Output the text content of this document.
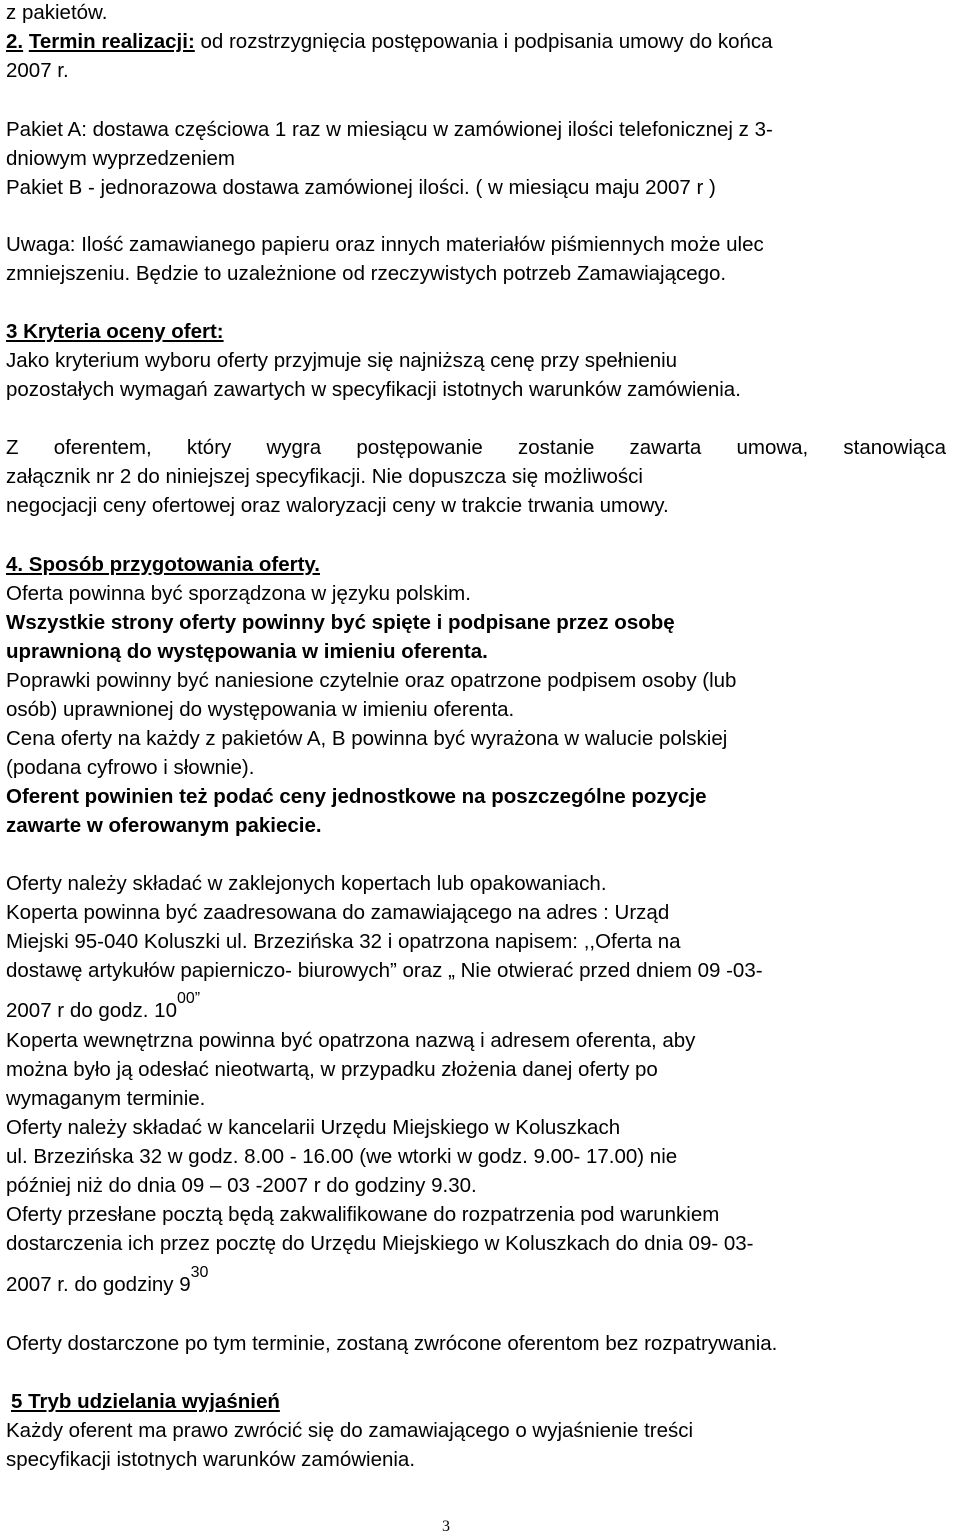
z pakietów.
2. Termin realizacji: od rozstrzygnięcia postępowania i podpisania umowy do końca
2007 r.
Pakiet A: dostawa częściowa 1 raz w miesiącu w zamówionej ilości telefonicznej z 3-
dniowym wyprzedzeniem
Pakiet B - jednorazowa dostawa zamówionej ilości. ( w miesiącu maju 2007 r )
Uwaga: Ilość zamawianego papieru oraz innych materiałów piśmiennych może ulec
zmniejszeniu. Będzie to uzależnione od rzeczywistych potrzeb Zamawiającego.
3 Kryteria oceny ofert:
Jako kryterium wyboru oferty przyjmuje się najniższą cenę przy spełnieniu
pozostałych wymagań zawartych w specyfikacji istotnych warunków zamówienia.
Z oferentem, który wygra postępowanie zostanie zawarta umowa, stanowiąca
załącznik nr 2 do niniejszej specyfikacji. Nie dopuszcza się możliwości
negocjacji ceny ofertowej oraz waloryzacji ceny w trakcie trwania umowy.
4. Sposób przygotowania oferty.
Oferta powinna być sporządzona w języku polskim.
Wszystkie strony oferty powinny być spięte i podpisane przez osobę
uprawnioną do występowania w imieniu oferenta.
Poprawki powinny być naniesione czytelnie oraz opatrzone podpisem osoby (lub
osób) uprawnionej do występowania w imieniu oferenta.
Cena oferty na każdy z pakietów A, B powinna być wyrażona w walucie polskiej
(podana cyfrowo i słownie).
Oferent powinien też podać ceny jednostkowe na poszczególne pozycje
zawarte w oferowanym pakiecie.
Oferty należy składać w zaklejonych kopertach lub opakowaniach.
Koperta powinna być zaadresowana do zamawiającego na adres : Urząd
Miejski 95-040 Koluszki ul. Brzezińska 32 i opatrzona napisem: ,,Oferta na
dostawę artykułów papierniczo- biurowych” oraz „ Nie otwierać przed dniem 09 -03-
2007 r do godz. $10^{00”}$
Koperta wewnętrzna powinna być opatrzona nazwą i adresem oferenta, aby
można było ją odesłać nieotwartą, w przypadku złożenia danej oferty po
wymaganym terminie.
Oferty należy składać w kancelarii Urzędu Miejskiego w Koluszkach
ul. Brzezińska 32 w godz. 8.00 - 16.00 (we wtorki w godz. 9.00- 17.00) nie
później niż do dnia 09 – 03 -2007 r do godziny 9.30.
Oferty przesłane pocztą będą zakwalifikowane do rozpatrzenia pod warunkiem
dostarczenia ich przez pocztę do Urzędu Miejskiego w Koluszkach do dnia 09- 03-
2007 r. do godziny $9^{30}$
Oferty dostarczone po tym terminie, zostaną zwrócone oferentom bez rozpatrywania.
5 Tryb udzielania wyjaśnień
Każdy oferent ma prawo zwrócić się do zamawiającego o wyjaśnienie treści
specyfikacji istotnych warunków zamówienia.
3
